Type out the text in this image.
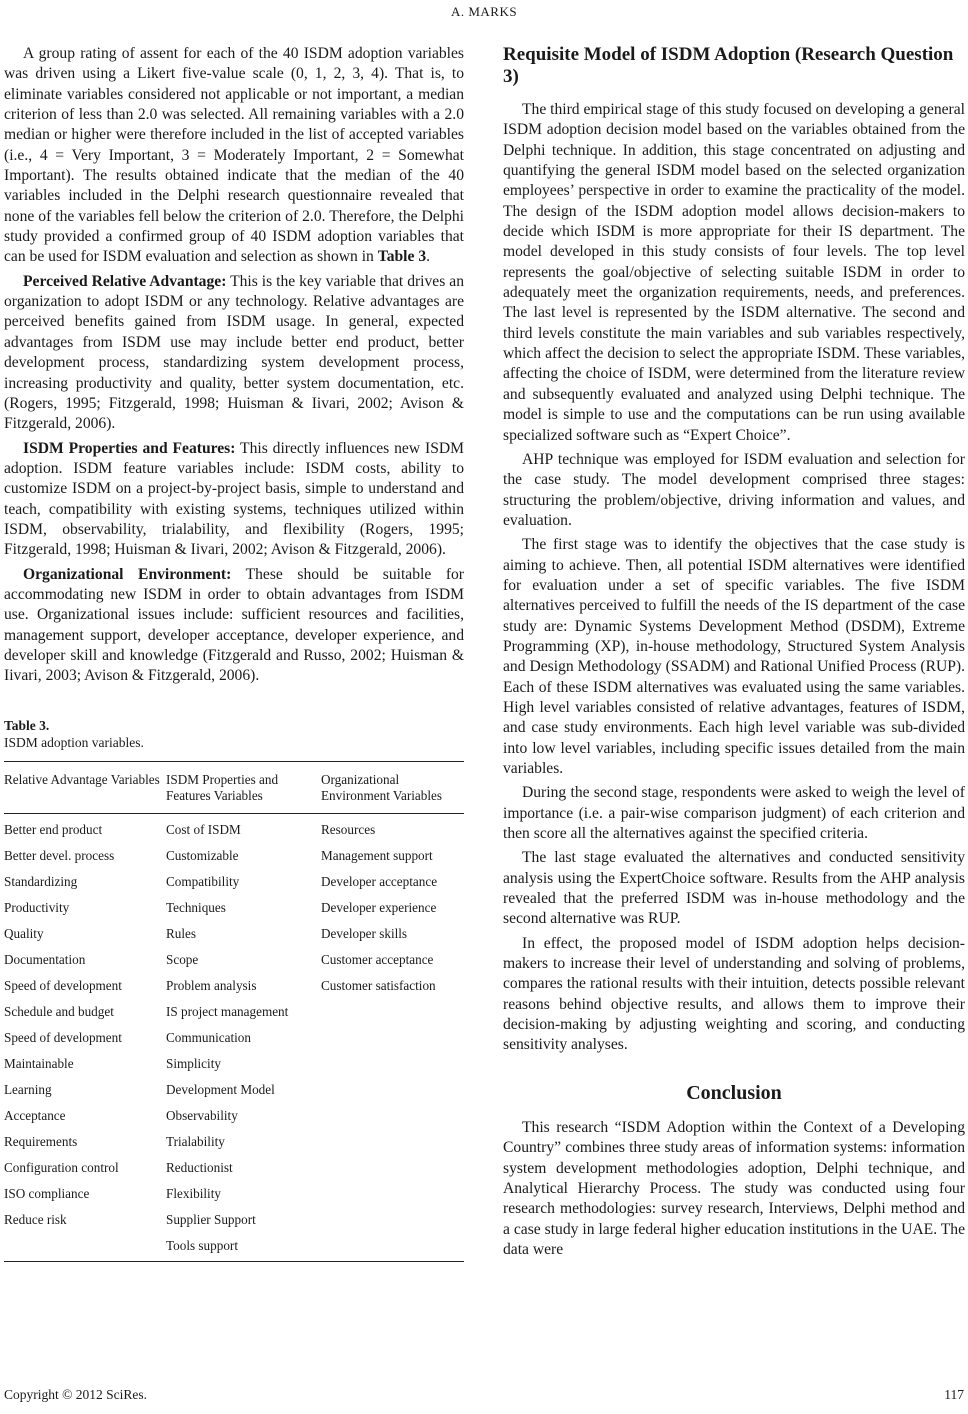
A. MARKS

A group rating of assent for each of the 40 ISDM adoption variables was driven using a Likert five-value scale (0, 1, 2, 3, 4). That is, to eliminate variables considered not applicable or not important, a median criterion of less than 2.0 was selected. All remaining variables with a 2.0 median or higher were therefore included in the list of accepted variables (i.e., 4 = Very Important, 3 = Moderately Important, 2 = Somewhat Important). The results obtained indicate that the median of the 40 variables included in the Delphi research questionnaire revealed that none of the variables fell below the criterion of 2.0. Therefore, the Delphi study provided a confirmed group of 40 ISDM adoption variables that can be used for ISDM evaluation and selection as shown in Table 3.

Perceived Relative Advantage: This is the key variable that drives an organization to adopt ISDM or any technology. Relative advantages are perceived benefits gained from ISDM usage. In general, expected advantages from ISDM use may include better end product, better development process, standardizing system development process, increasing productivity and quality, better system documentation, etc. (Rogers, 1995; Fitzgerald, 1998; Huisman & Iivari, 2002; Avison & Fitzgerald, 2006).

ISDM Properties and Features: This directly influences new ISDM adoption. ISDM feature variables include: ISDM costs, ability to customize ISDM on a project-by-project basis, simple to understand and teach, compatibility with existing systems, techniques utilized within ISDM, observability, trialability, and flexibility (Rogers, 1995; Fitzgerald, 1998; Huisman & Iivari, 2002; Avison & Fitzgerald, 2006).

Organizational Environment: These should be suitable for accommodating new ISDM in order to obtain advantages from ISDM use. Organizational issues include: sufficient resources and facilities, management support, developer acceptance, developer experience, and developer skill and knowledge (Fitzgerald and Russo, 2002; Huisman & Iivari, 2003; Avison & Fitzgerald, 2006).

Table 3.
ISDM adoption variables.
Relative Advantage Variables	ISDM Properties and Features Variables	Organizational Environment Variables
Better end product	Cost of ISDM	Resources
Better devel. process	Customizable	Management support
Standardizing	Compatibility	Developer acceptance
Productivity	Techniques	Developer experience
Quality	Rules	Developer skills
Documentation	Scope	Customer acceptance
Speed of development	Problem analysis	Customer satisfaction
Schedule and budget	IS project management	
Speed of development	Communication	
Maintainable	Simplicity	
Learning	Development Model	
Acceptance	Observability	
Requirements	Trialability	
Configuration control	Reductionist	
ISO compliance	Flexibility	
Reduce risk	Supplier Support	
	Tools support	
Requisite Model of ISDM Adoption (Research Question 3)

The third empirical stage of this study focused on developing a general ISDM adoption decision model based on the variables obtained from the Delphi technique. In addition, this stage concentrated on adjusting and quantifying the general ISDM model based on the selected organization employees’ perspective in order to examine the practicality of the model. The design of the ISDM adoption model allows decision-makers to decide which ISDM is more appropriate for their IS department. The model developed in this study consists of four levels. The top level represents the goal/objective of selecting suitable ISDM in order to adequately meet the organization requirements, needs, and preferences. The last level is represented by the ISDM alternative. The second and third levels constitute the main variables and sub variables respectively, which affect the decision to select the appropriate ISDM. These variables, affecting the choice of ISDM, were determined from the literature review and subsequently evaluated and analyzed using Delphi technique. The model is simple to use and the computations can be run using available specialized software such as “Expert Choice”.

AHP technique was employed for ISDM evaluation and selection for the case study. The model development comprised three stages: structuring the problem/objective, driving information and values, and evaluation.

The first stage was to identify the objectives that the case study is aiming to achieve. Then, all potential ISDM alternatives were identified for evaluation under a set of specific variables. The five ISDM alternatives perceived to fulfill the needs of the IS department of the case study are: Dynamic Systems Development Method (DSDM), Extreme Programming (XP), in-house methodology, Structured System Analysis and Design Methodology (SSADM) and Rational Unified Process (RUP). Each of these ISDM alternatives was evaluated using the same variables. High level variables consisted of relative advantages, features of ISDM, and case study environments. Each high level variable was sub-divided into low level variables, including specific issues detailed from the main variables.

During the second stage, respondents were asked to weigh the level of importance (i.e. a pair-wise comparison judgment) of each criterion and then score all the alternatives against the specified criteria.

The last stage evaluated the alternatives and conducted sensitivity analysis using the ExpertChoice software. Results from the AHP analysis revealed that the preferred ISDM was in-house methodology and the second alternative was RUP.

In effect, the proposed model of ISDM adoption helps decision-makers to increase their level of understanding and solving of problems, compares the rational results with their intuition, detects possible relevant reasons behind objective results, and allows them to improve their decision-making by adjusting weighting and scoring, and conducting sensitivity analyses.

Conclusion

This research “ISDM Adoption within the Context of a Developing Country” combines three study areas of information systems: information system development methodologies adoption, Delphi technique, and Analytical Hierarchy Process. The study was conducted using four research methodologies: survey research, Interviews, Delphi method and a case study in large federal higher education institutions in the UAE. The data were

Copyright © 2012 SciRes.	117
